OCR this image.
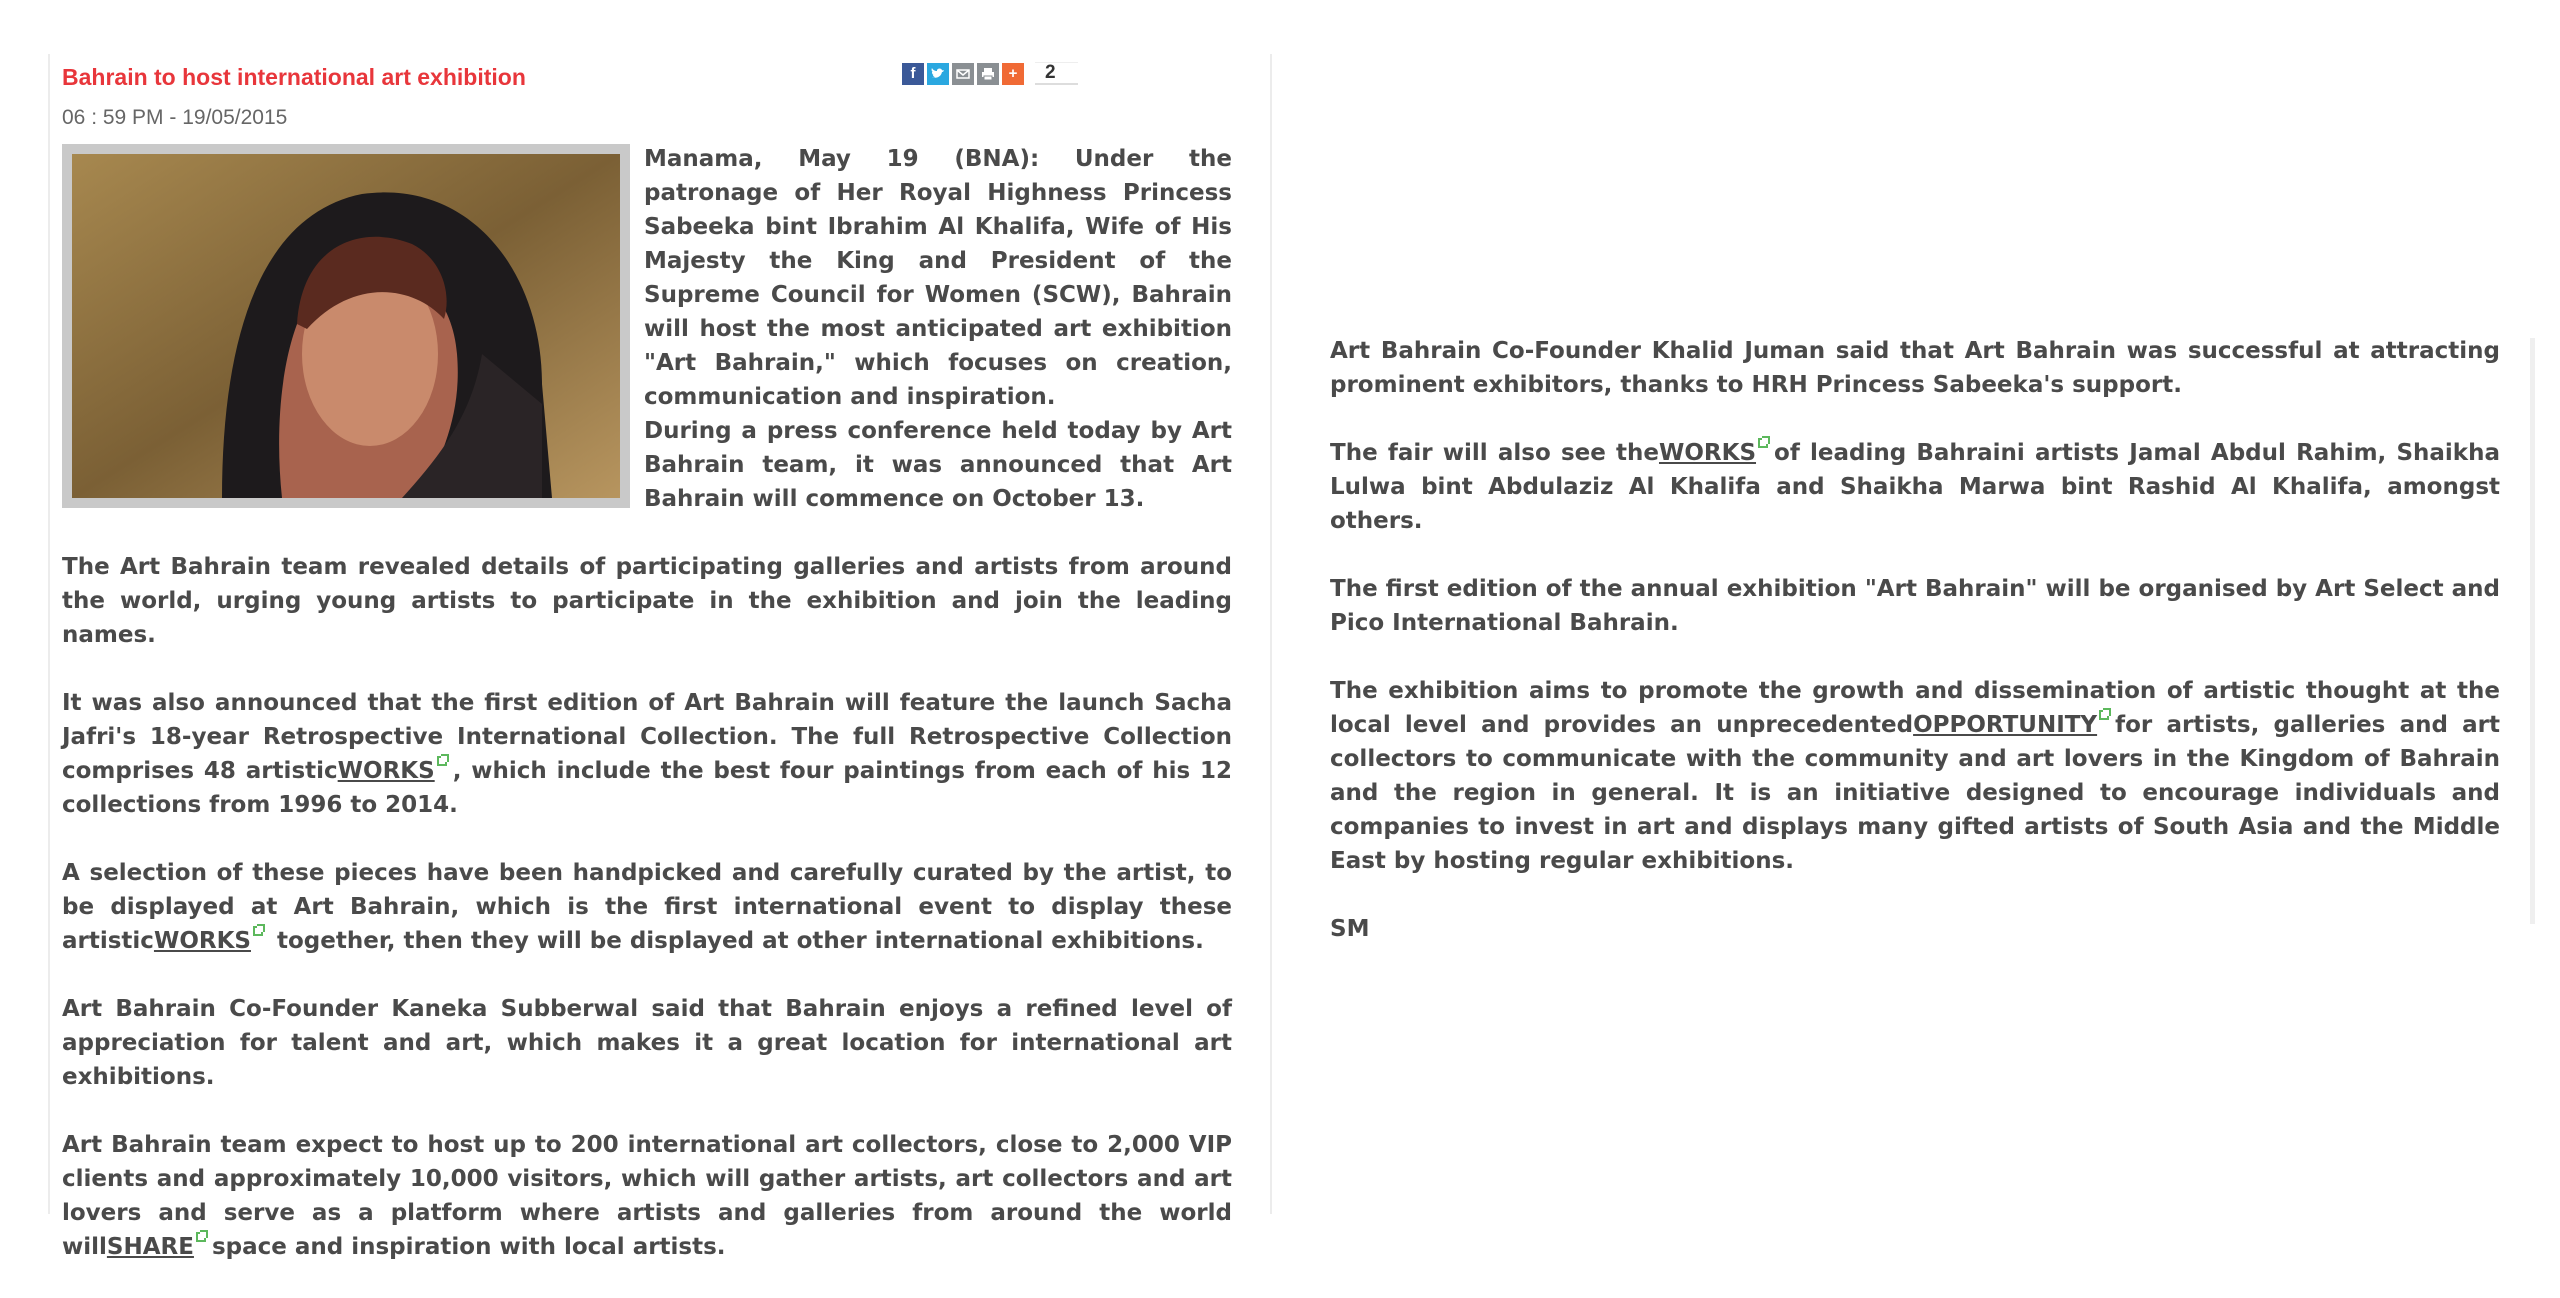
Bahrain to host international art exhibition
06 : 59 PM - 19/05/2015
f	+	2

Manama, May 19 (BNA): Under the patronage of Her Royal Highness Princess Sabeeka bint Ibrahim Al Khalifa, Wife of His Majesty the King and President of the Supreme Council for Women (SCW), Bahrain will host the most anticipated art exhibition "Art Bahrain," which focuses on creation, communication and inspiration.

During a press conference held today by Art Bahrain team, it was announced that Art Bahrain will commence on October 13.

The Art Bahrain team revealed details of participating galleries and artists from around the world, urging young artists to participate in the exhibition and join the leading names.

It was also announced that the first edition of Art Bahrain will feature the launch Sacha Jafri's 18-year Retrospective International Collection. The full Retrospective Collection comprises 48 artisticWORKS , which include the best four paintings from each of his 12 collections from 1996 to 2014.

A selection of these pieces have been handpicked and carefully curated by the artist, to be displayed at Art Bahrain, which is the first international event to display these artisticWORKS together, then they will be displayed at other international exhibitions.

Art Bahrain Co-Founder Kaneka Subberwal said that Bahrain enjoys a refined level of appreciation for talent and art, which makes it a great location for international art exhibitions.

Art Bahrain team expect to host up to 200 international art collectors, close to 2,000 VIP clients and approximately 10,000 visitors, which will gather artists, art collectors and art lovers and serve as a platform where artists and galleries from around the world willSHARE space and inspiration with local artists.

Art Bahrain Co-Founder Khalid Juman said that Art Bahrain was successful at attracting prominent exhibitors, thanks to HRH Princess Sabeeka's support.

The fair will also see theWORKS of leading Bahraini artists Jamal Abdul Rahim, Shaikha Lulwa bint Abdulaziz Al Khalifa and Shaikha Marwa bint Rashid Al Khalifa, amongst others.

The first edition of the annual exhibition "Art Bahrain" will be organised by Art Select and Pico International Bahrain.

The exhibition aims to promote the growth and dissemination of artistic thought at the local level and provides an unprecedentedOPPORTUNITY for artists, galleries and art collectors to communicate with the community and art lovers in the Kingdom of Bahrain and the region in general. It is an initiative designed to encourage individuals and companies to invest in art and displays many gifted artists of South Asia and the Middle East by hosting regular exhibitions.

SM
